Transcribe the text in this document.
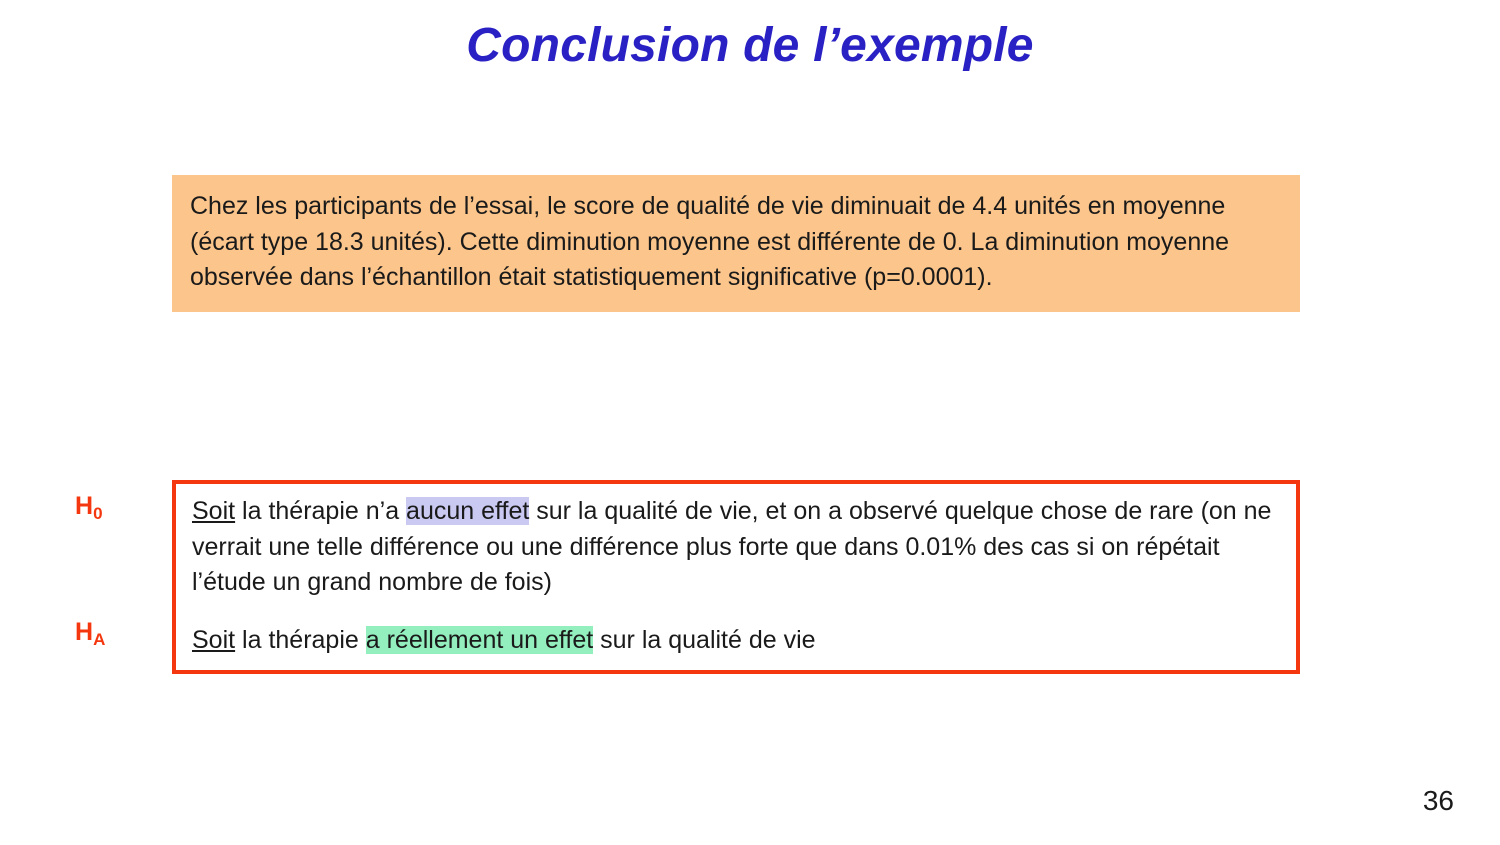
Conclusion de l’exemple
Chez les participants de l’essai, le score de qualité de vie diminuait de 4.4 unités en moyenne (écart type 18.3 unités). Cette diminution moyenne est différente de 0. La diminution moyenne observée dans l’échantillon était statistiquement significative (p=0.0001).
$H_0$
$H_A$
Soit la thérapie n’a aucun effet sur la qualité de vie, et on a observé quelque chose de rare (on ne verrait une telle différence ou une différence plus forte que dans 0.01% des cas si on répétait l’étude un grand nombre de fois)
Soit la thérapie a réellement un effet sur la qualité de vie
36
